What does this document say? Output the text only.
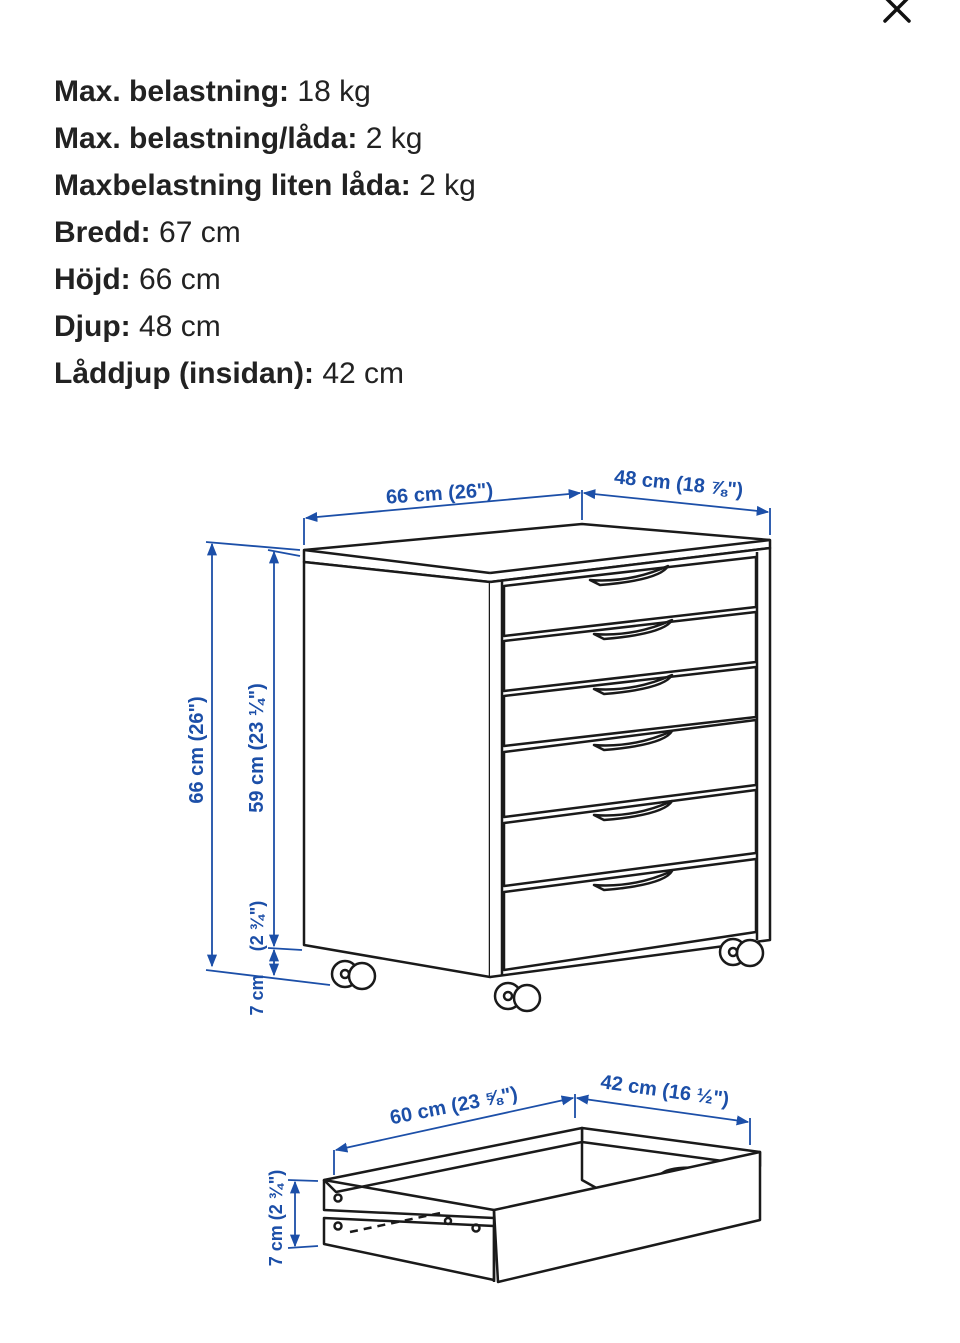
Max. belastning: 18 kg
Max. belastning/låda: 2 kg
Maxbelastning liten låda: 2 kg
Bredd: 67 cm
Höjd: 66 cm
Djup: 48 cm
Låddjup (insidan): 42 cm
66 cm (26")	48 cm (18 ⅞")
66 cm (26") 59 cm (23 ¼")
(2 ¾")
7 cm
60 cm (23 ⅝")	42 cm (16 ½")
7 cm (2 ¾")
